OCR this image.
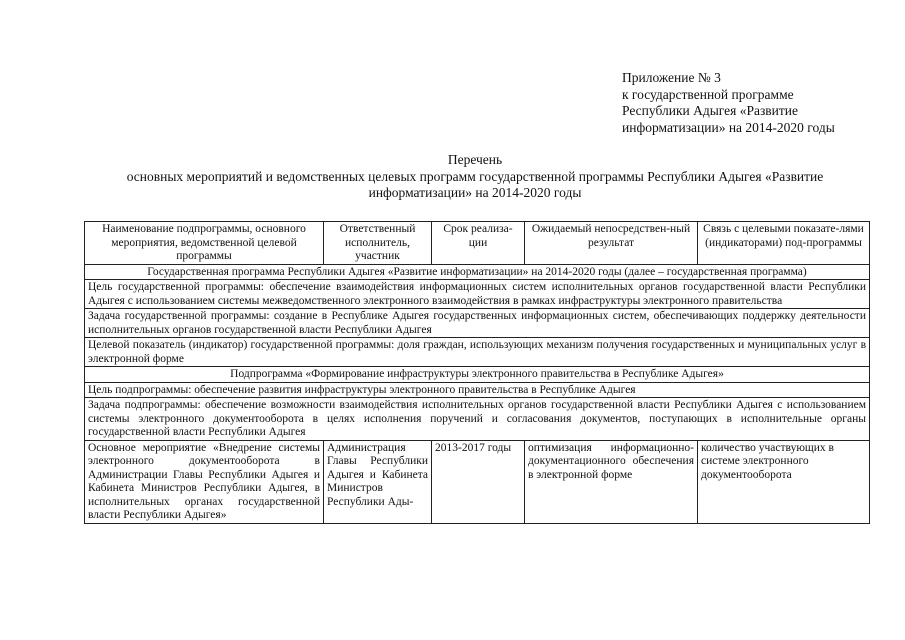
Приложение № 3
к государственной программе
Республики Адыгея «Развитие
информатизации» на 2014-2020 годы
Перечень
основных мероприятий и ведомственных целевых программ государственной программы Республики Адыгея «Развитие
информатизации» на 2014-2020 годы
Наименование подпрограммы, основного мероприятия, ведомственной целевой программы	Ответственный исполнитель, участник	Срок реализа-ции	Ожидаемый непосредствен-ный результат	Связь с целевыми показате-лями (индикаторами) под-программы
Государственная программа Республики Адыгея «Развитие информатизации» на 2014-2020 годы (далее – государственная программа)				
Цель государственной программы: обеспечение взаимодействия информационных систем исполнительных органов государственной власти Республики Адыгея с использованием системы межведомственного электронного взаимодействия в рамках инфраструктуры электронного правительства				
Задача государственной программы: создание в Республике Адыгея государственных информационных систем, обеспечивающих поддержку деятельности исполнительных органов государственной власти Республики Адыгея				
Целевой показатель (индикатор) государственной программы: доля граждан, использующих механизм получения государственных и муниципальных услуг в электронной форме				
Подпрограмма «Формирование инфраструктуры электронного правительства в Республике Адыгея»				
Цель подпрограммы: обеспечение развития инфраструктуры электронного правительства в Республике Адыгея				
Задача подпрограммы: обеспечение возможности взаимодействия исполнительных органов государственной власти Республики Адыгея с использованием системы электронного документооборота в целях исполнения поручений и согласования документов, поступающих в исполнительные органы государственной власти Республики Адыгея				
Основное мероприятие «Внедрение системы электронного документооборота в Администрации Главы Республики Адыгея и Кабинета Министров Республики Адыгея, в исполнительных органах государственной власти Республики Адыгея»	Администрация Главы Республики Адыгея и Кабинета Министров Республики Ады-	2013-2017 годы	оптимизация информационно-документационного обеспечения в электронной форме	количество участвующих в системе электронного документооборота
